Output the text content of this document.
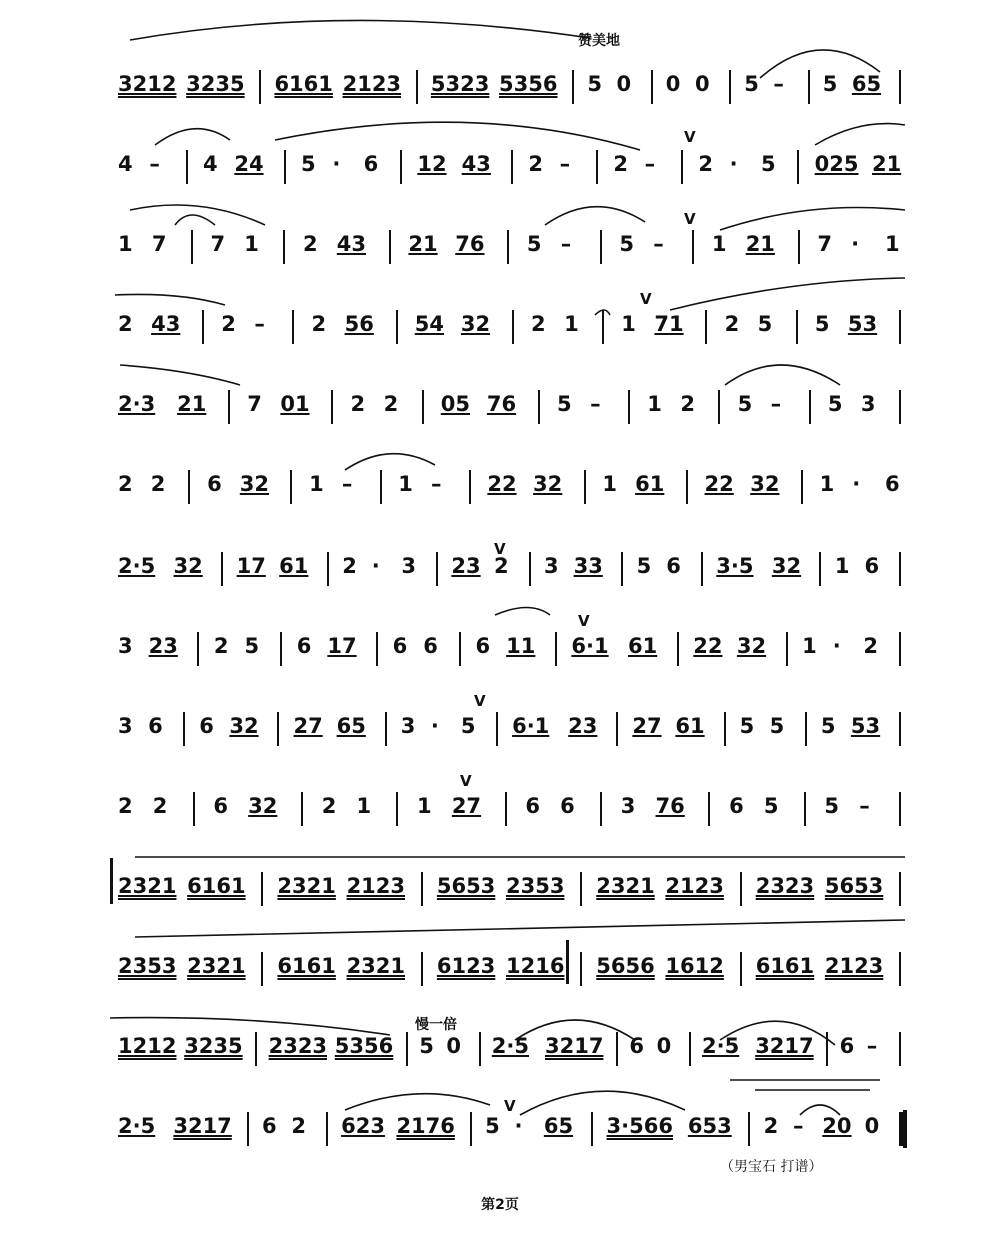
赞美地
慢一倍
（男宝石 打谱）
第2页
V
V
V
V
V
V
V
V
3212 3235 6161 2123 5323 5356 5 0 0 0 5 – 5 65
4 – 4 24 5 · 6 12 43 2 – 2 – 2 · 5 025 21
1 7 7 1 2 43 21 76 5 – 5 – 1 21 7 · 1
2 43 2 – 2 56 54 32 2 1 1 71 2 5 5 53
2·3 21 7 01 2 2 05 76 5 – 1 2 5 – 5 3
2 2 6 32 1 – 1 – 22 32 1 61 22 32 1 · 6
2·5 32 17 61 2 · 3 23 2 3 33 5 6 3·5 32 1 6
3 23 2 5 6 17 6 6 6 11 6·1 61 22 32 1 · 2
3 6 6 32 27 65 3 · 5 6·1 23 27 61 5 5 5 53
2 2 6 32 2 1 1 27 6 6 3 76 6 5 5 –
2321 6161 2321 2123 5653 2353 2321 2123 2323 5653
2353 2321 6161 2321 6123 1216 5656 1612 6161 2123
1212 3235 2323 5356 5 0 2·5 3217 6 0 2·5 3217 6 –
2·5 3217 6 2 623 2176 5 · 65 3·566 653 2 – 20 0
